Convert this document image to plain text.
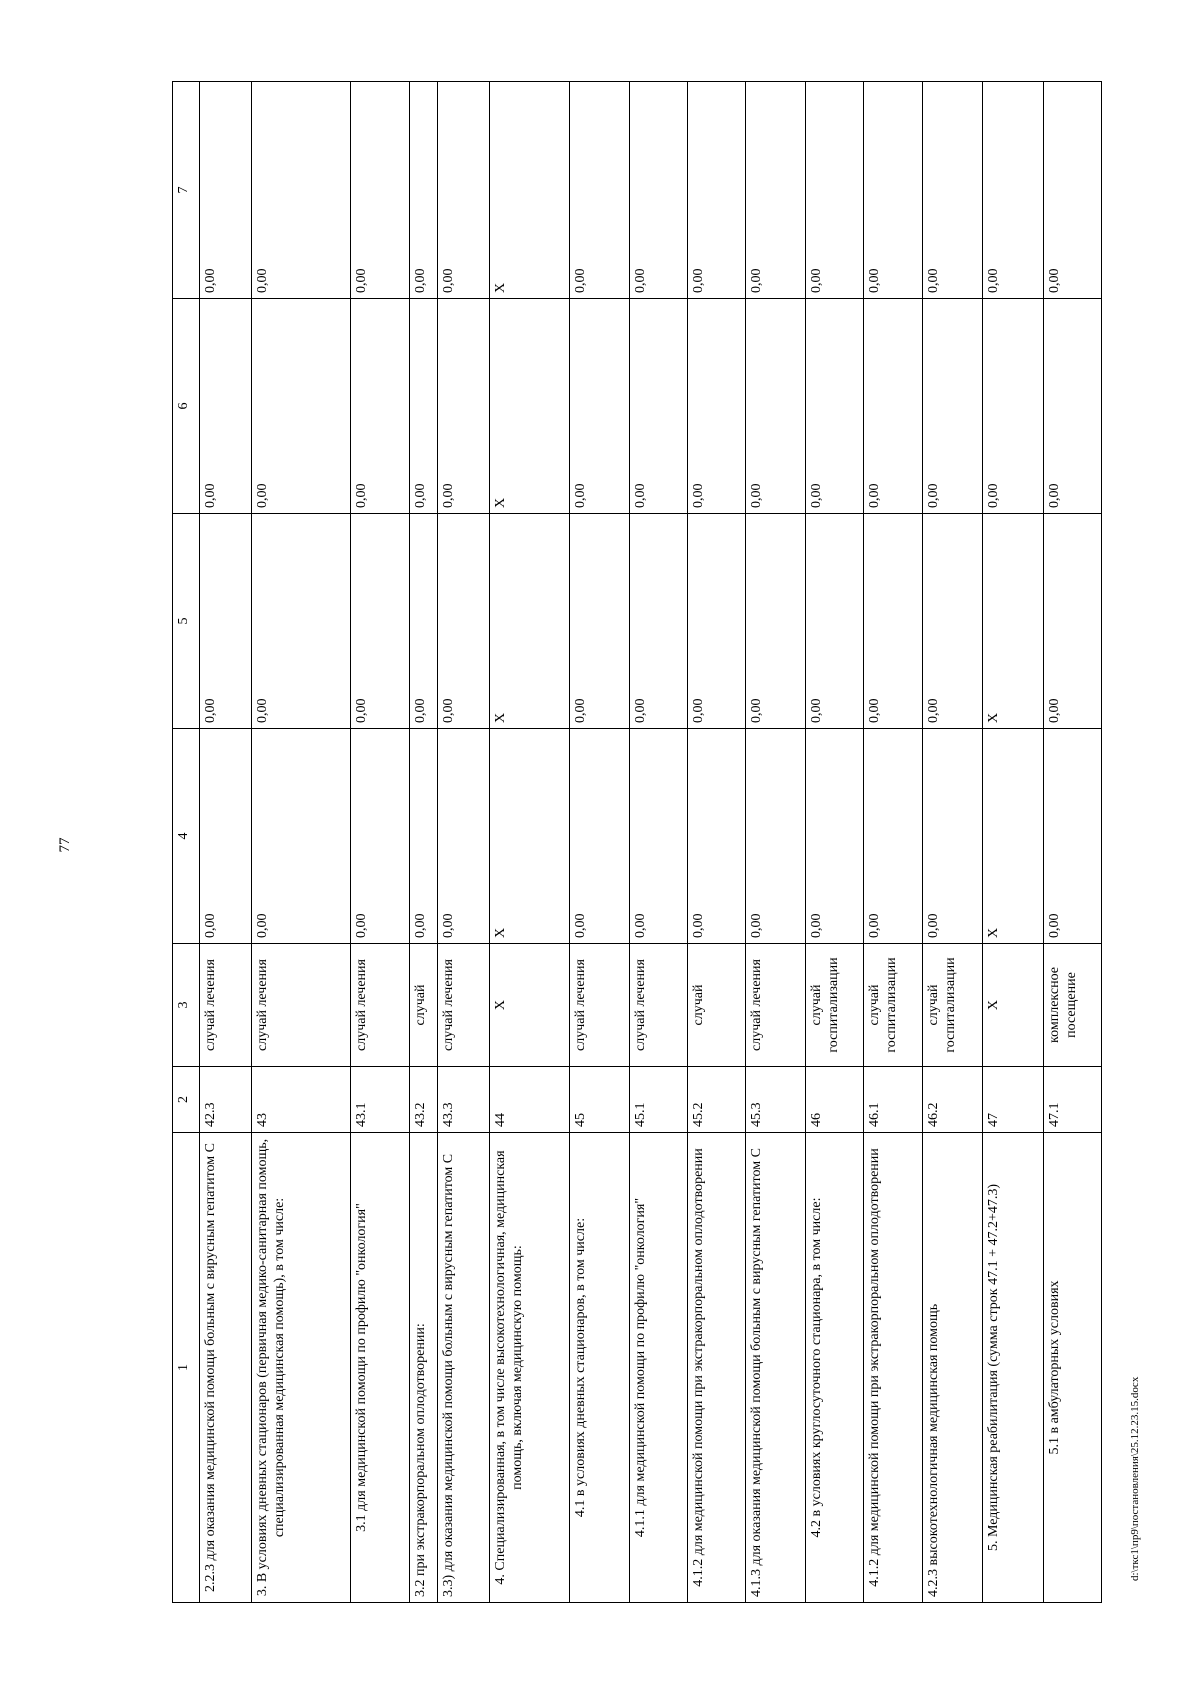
77
1	2	3	4	5	6	7
2.2.3 для оказания медицинской помощи больным с вирусным гепатитом С	42.3	случай лечения	0,00	0,00	0,00	0,00
3. В условиях дневных стационаров (первичная медико-санитарная помощь, специализированная медицинская помощь), в том числе:	43	случай лечения	0,00	0,00	0,00	0,00
3.1 для медицинской помощи по профилю "онкология"	43.1	случай лечения	0,00	0,00	0,00	0,00
3.2 при экстракорпоральном оплодотворении:	43.2	случай	0,00	0,00	0,00	0,00
3.3) для оказания медицинской помощи больным с вирусным гепатитом С	43.3	случай лечения	0,00	0,00	0,00	0,00
4. Специализированная, в том числе высокотехнологичная, медицинская помощь, включая медицинскую помощь:	44	Х	Х	Х	Х	Х
4.1 в условиях дневных стационаров, в том числе:	45	случай лечения	0,00	0,00	0,00	0,00
4.1.1 для медицинской помощи по профилю "онкология"	45.1	случай лечения	0,00	0,00	0,00	0,00
4.1.2 для медицинской помощи при экстракорпоральном оплодотворении	45.2	случай	0,00	0,00	0,00	0,00
4.1.3 для оказания медицинской помощи больным с вирусным гепатитом С	45.3	случай лечения	0,00	0,00	0,00	0,00
4.2 в условиях круглосуточного стационара, в том числе:	46	случай госпитализации	0,00	0,00	0,00	0,00
4.1.2 для медицинской помощи при экстракорпоральном оплодотворении	46.1	случай госпитализации	0,00	0,00	0,00	0,00
4.2.3 высокотехнологичная медицинская помощь	46.2	случай госпитализации	0,00	0,00	0,00	0,00
5. Медицинская реабилитация (сумма строк 47.1 + 47.2+47.3)	47	Х	Х	Х	0,00	0,00
5.1 в амбулаторных условиях	47.1	комплексное посещение	0,00	0,00	0,00	0,00
d:\ткс1\пр9\постановления\25.12.23.15.docx
